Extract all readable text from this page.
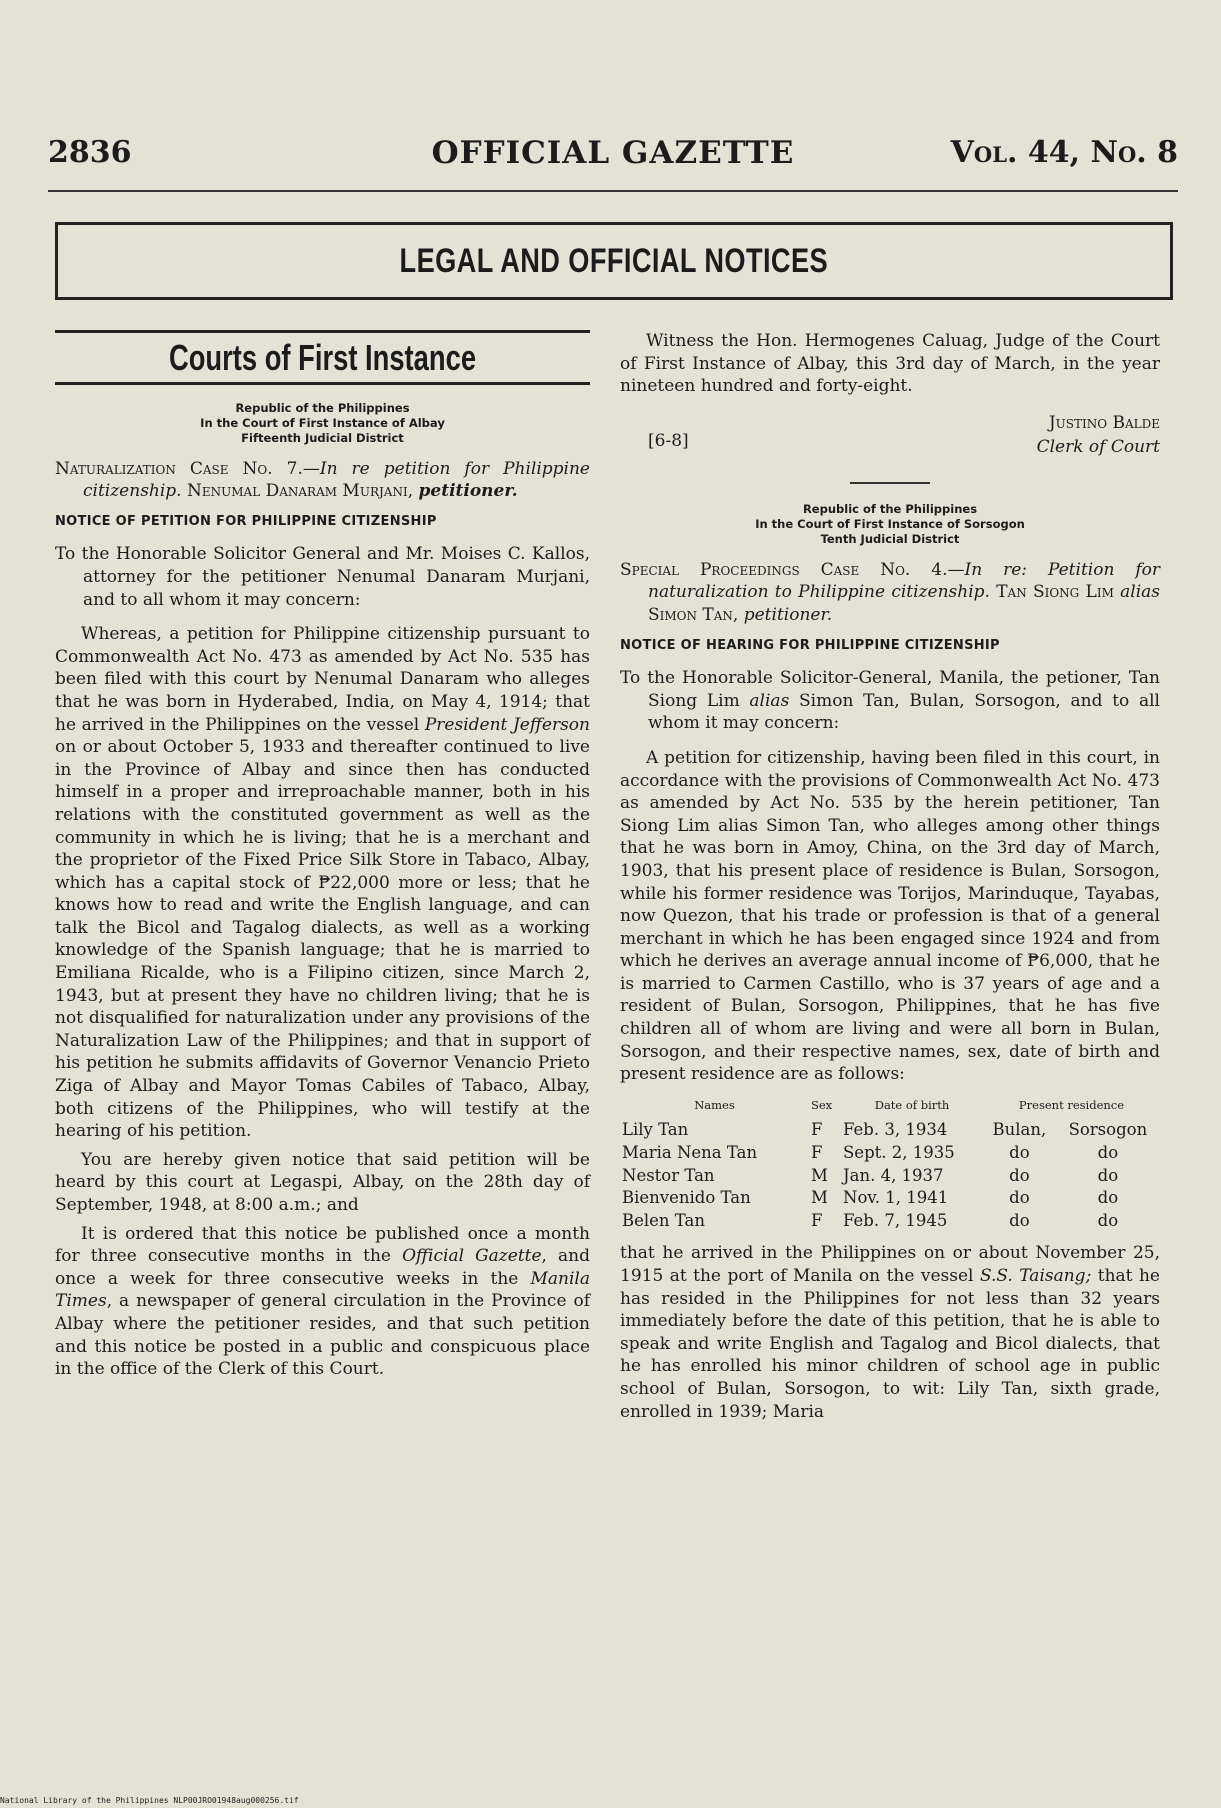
2836	OFFICIAL GAZETTE	Vol. 44, No. 8
LEGAL AND OFFICIAL NOTICES
Courts of First Instance
Republic of the Philippines
In the Court of First Instance of Albay
Fifteenth Judicial District

Naturalization Case No. 7.—In re petition for Philippine citizenship. Nenumal Danaram Murjani, petitioner.

NOTICE OF PETITION FOR PHILIPPINE CITIZENSHIP

To the Honorable Solicitor General and Mr. Moises C. Kallos, attorney for the petitioner Nenumal Danaram Murjani, and to all whom it may concern:

Whereas, a petition for Philippine citizenship pursuant to Commonwealth Act No. 473 as amended by Act No. 535 has been filed with this court by Nenumal Danaram who alleges that he was born in Hyderabed, India, on May 4, 1914; that he arrived in the Philippines on the vessel President Jefferson on or about October 5, 1933 and thereafter continued to live in the Province of Albay and since then has conducted himself in a proper and irreproachable manner, both in his relations with the constituted government as well as the community in which he is living; that he is a merchant and the proprietor of the Fixed Price Silk Store in Tabaco, Albay, which has a capital stock of ₱22,000 more or less; that he knows how to read and write the English language, and can talk the Bicol and Tagalog dialects, as well as a working knowledge of the Spanish language; that he is married to Emiliana Ricalde, who is a Filipino citizen, since March 2, 1943, but at present they have no children living; that he is not disqualified for naturalization under any provisions of the Naturalization Law of the Philippines; and that in support of his petition he submits affidavits of Governor Venancio Prieto Ziga of Albay and Mayor Tomas Cabiles of Tabaco, Albay, both citizens of the Philippines, who will testify at the hearing of his petition.

You are hereby given notice that said petition will be heard by this court at Legaspi, Albay, on the 28th day of September, 1948, at 8:00 a.m.; and

It is ordered that this notice be published once a month for three consecutive months in the Official Gazette, and once a week for three consecutive weeks in the Manila Times, a newspaper of general circulation in the Province of Albay where the petitioner resides, and that such petition and this notice be posted in a public and conspicuous place in the office of the Clerk of this Court.

Witness the Hon. Hermogenes Caluag, Judge of the Court of First Instance of Albay, this 3rd day of March, in the year nineteen hundred and forty-eight.

[6-8]
Justino Balde
Clerk of Court
Republic of the Philippines
In the Court of First Instance of Sorsogon
Tenth Judicial District

Special Proceedings Case No. 4.—In re: Petition for naturalization to Philippine citizenship. Tan Siong Lim alias Simon Tan, petitioner.

NOTICE OF HEARING FOR PHILIPPINE CITIZENSHIP

To the Honorable Solicitor-General, Manila, the petioner, Tan Siong Lim alias Simon Tan, Bulan, Sorsogon, and to all whom it may concern:

A petition for citizenship, having been filed in this court, in accordance with the provisions of Commonwealth Act No. 473 as amended by Act No. 535 by the herein petitioner, Tan Siong Lim alias Simon Tan, who alleges among other things that he was born in Amoy, China, on the 3rd day of March, 1903, that his present place of residence is Bulan, Sorsogon, while his former residence was Torijos, Marinduque, Tayabas, now Quezon, that his trade or profession is that of a general merchant in which he has been engaged since 1924 and from which he derives an average annual income of ₱6,000, that he is married to Carmen Castillo, who is 37 years of age and a resident of Bulan, Sorsogon, Philippines, that he has five children all of whom are living and were all born in Bulan, Sorsogon, and their respective names, sex, date of birth and present residence are as follows:

Names	Sex	Date of birth	Present residence	
Lily Tan	F	Feb. 3, 1934	Bulan,	Sorsogon
Maria Nena Tan	F	Sept. 2, 1935	do	do
Nestor Tan	M	Jan. 4, 1937	do	do
Bienvenido Tan	M	Nov. 1, 1941	do	do
Belen Tan	F	Feb. 7, 1945	do	do

that he arrived in the Philippines on or about November 25, 1915 at the port of Manila on the vessel S.S. Taisang; that he has resided in the Philippines for not less than 32 years immediately before the date of this petition, that he is able to speak and write English and Tagalog and Bicol dialects, that he has enrolled his minor children of school age in public school of Bulan, Sorsogon, to wit: Lily Tan, sixth grade, enrolled in 1939; Maria

National Library of the Philippines NLP00JRO01948aug000256.tif
